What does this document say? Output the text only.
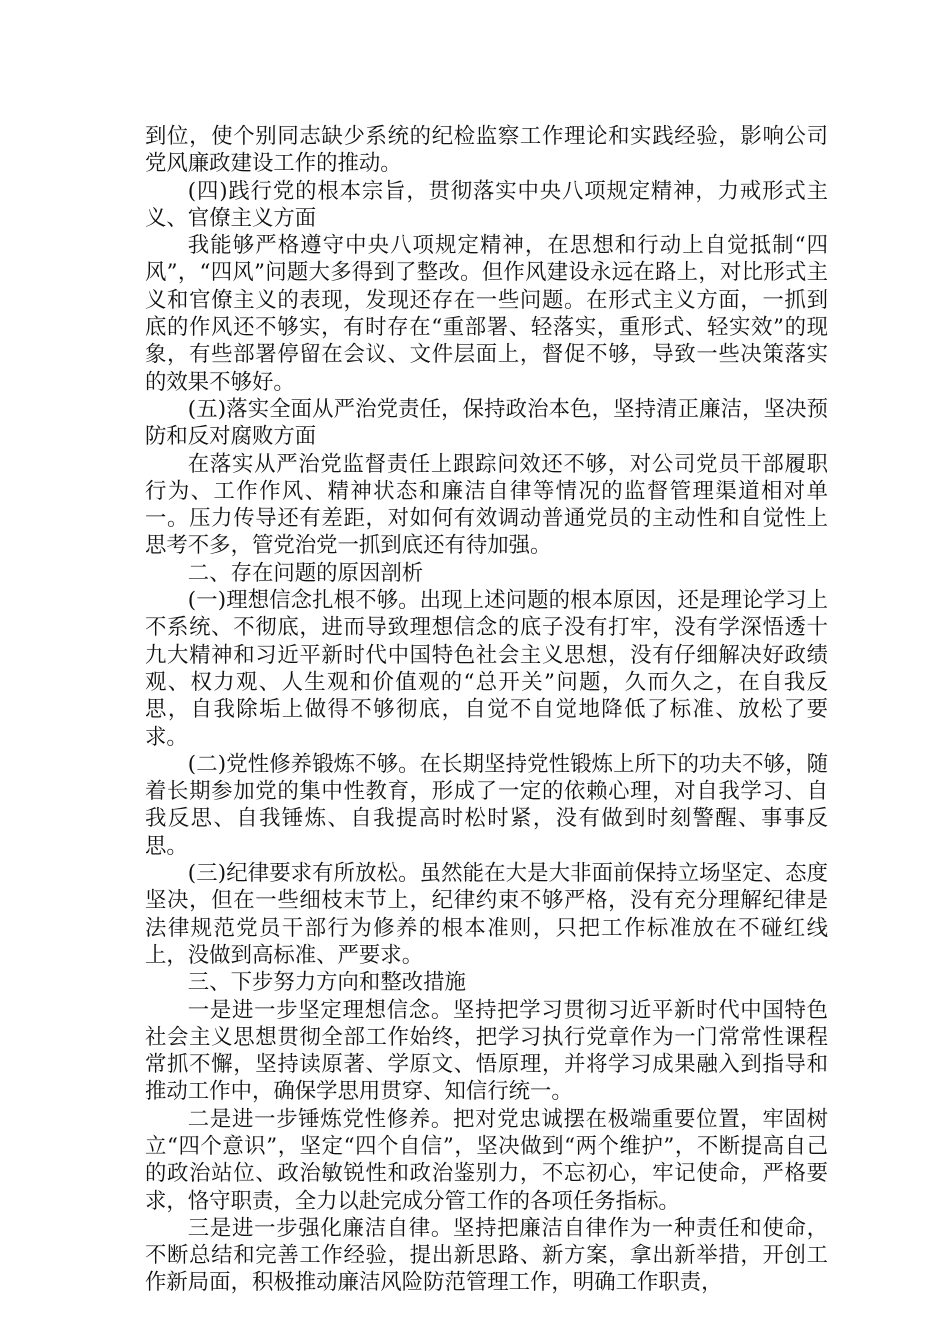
到位，使个别同志缺少系统的纪检监察工作理论和实践经验，影响公司党风廉政建设工作的推动。

(四)践行党的根本宗旨，贯彻落实中央八项规定精神，力戒形式主义、官僚主义方面

我能够严格遵守中央八项规定精神，在思想和行动上自觉抵制“四风”，“四风”问题大多得到了整改。但作风建设永远在路上，对比形式主义和官僚主义的表现，发现还存在一些问题。在形式主义方面，一抓到底的作风还不够实，有时存在“重部署、轻落实，重形式、轻实效”的现象，有些部署停留在会议、文件层面上，督促不够，导致一些决策落实的效果不够好。

(五)落实全面从严治党责任，保持政治本色，坚持清正廉洁，坚决预防和反对腐败方面

在落实从严治党监督责任上跟踪问效还不够，对公司党员干部履职行为、工作作风、精神状态和廉洁自律等情况的监督管理渠道相对单一。压力传导还有差距，对如何有效调动普通党员的主动性和自觉性上思考不多，管党治党一抓到底还有待加强。

二、存在问题的原因剖析

(一)理想信念扎根不够。出现上述问题的根本原因，还是理论学习上不系统、不彻底，进而导致理想信念的底子没有打牢，没有学深悟透十九大精神和习近平新时代中国特色社会主义思想，没有仔细解决好政绩观、权力观、人生观和价值观的“总开关”问题，久而久之，在自我反思，自我除垢上做得不够彻底，自觉不自觉地降低了标准、放松了要求。

(二)党性修养锻炼不够。在长期坚持党性锻炼上所下的功夫不够，随着长期参加党的集中性教育，形成了一定的依赖心理，对自我学习、自我反思、自我锤炼、自我提高时松时紧，没有做到时刻警醒、事事反思。

(三)纪律要求有所放松。虽然能在大是大非面前保持立场坚定、态度坚决，但在一些细枝末节上，纪律约束不够严格，没有充分理解纪律是法律规范党员干部行为修养的根本准则，只把工作标准放在不碰红线上，没做到高标准、严要求。

三、下步努力方向和整改措施

一是进一步坚定理想信念。坚持把学习贯彻习近平新时代中国特色社会主义思想贯彻全部工作始终，把学习执行党章作为一门常常性课程常抓不懈，坚持读原著、学原文、悟原理，并将学习成果融入到指导和推动工作中，确保学思用贯穿、知信行统一。

二是进一步锤炼党性修养。把对党忠诚摆在极端重要位置，牢固树立“四个意识”，坚定“四个自信”，坚决做到“两个维护”，不断提高自己的政治站位、政治敏锐性和政治鉴别力，不忘初心，牢记使命，严格要求，恪守职责，全力以赴完成分管工作的各项任务指标。

三是进一步强化廉洁自律。坚持把廉洁自律作为一种责任和使命，不断总结和完善工作经验，提出新思路、新方案，拿出新举措，开创工作新局面，积极推动廉洁风险防范管理工作，明确工作职责，
